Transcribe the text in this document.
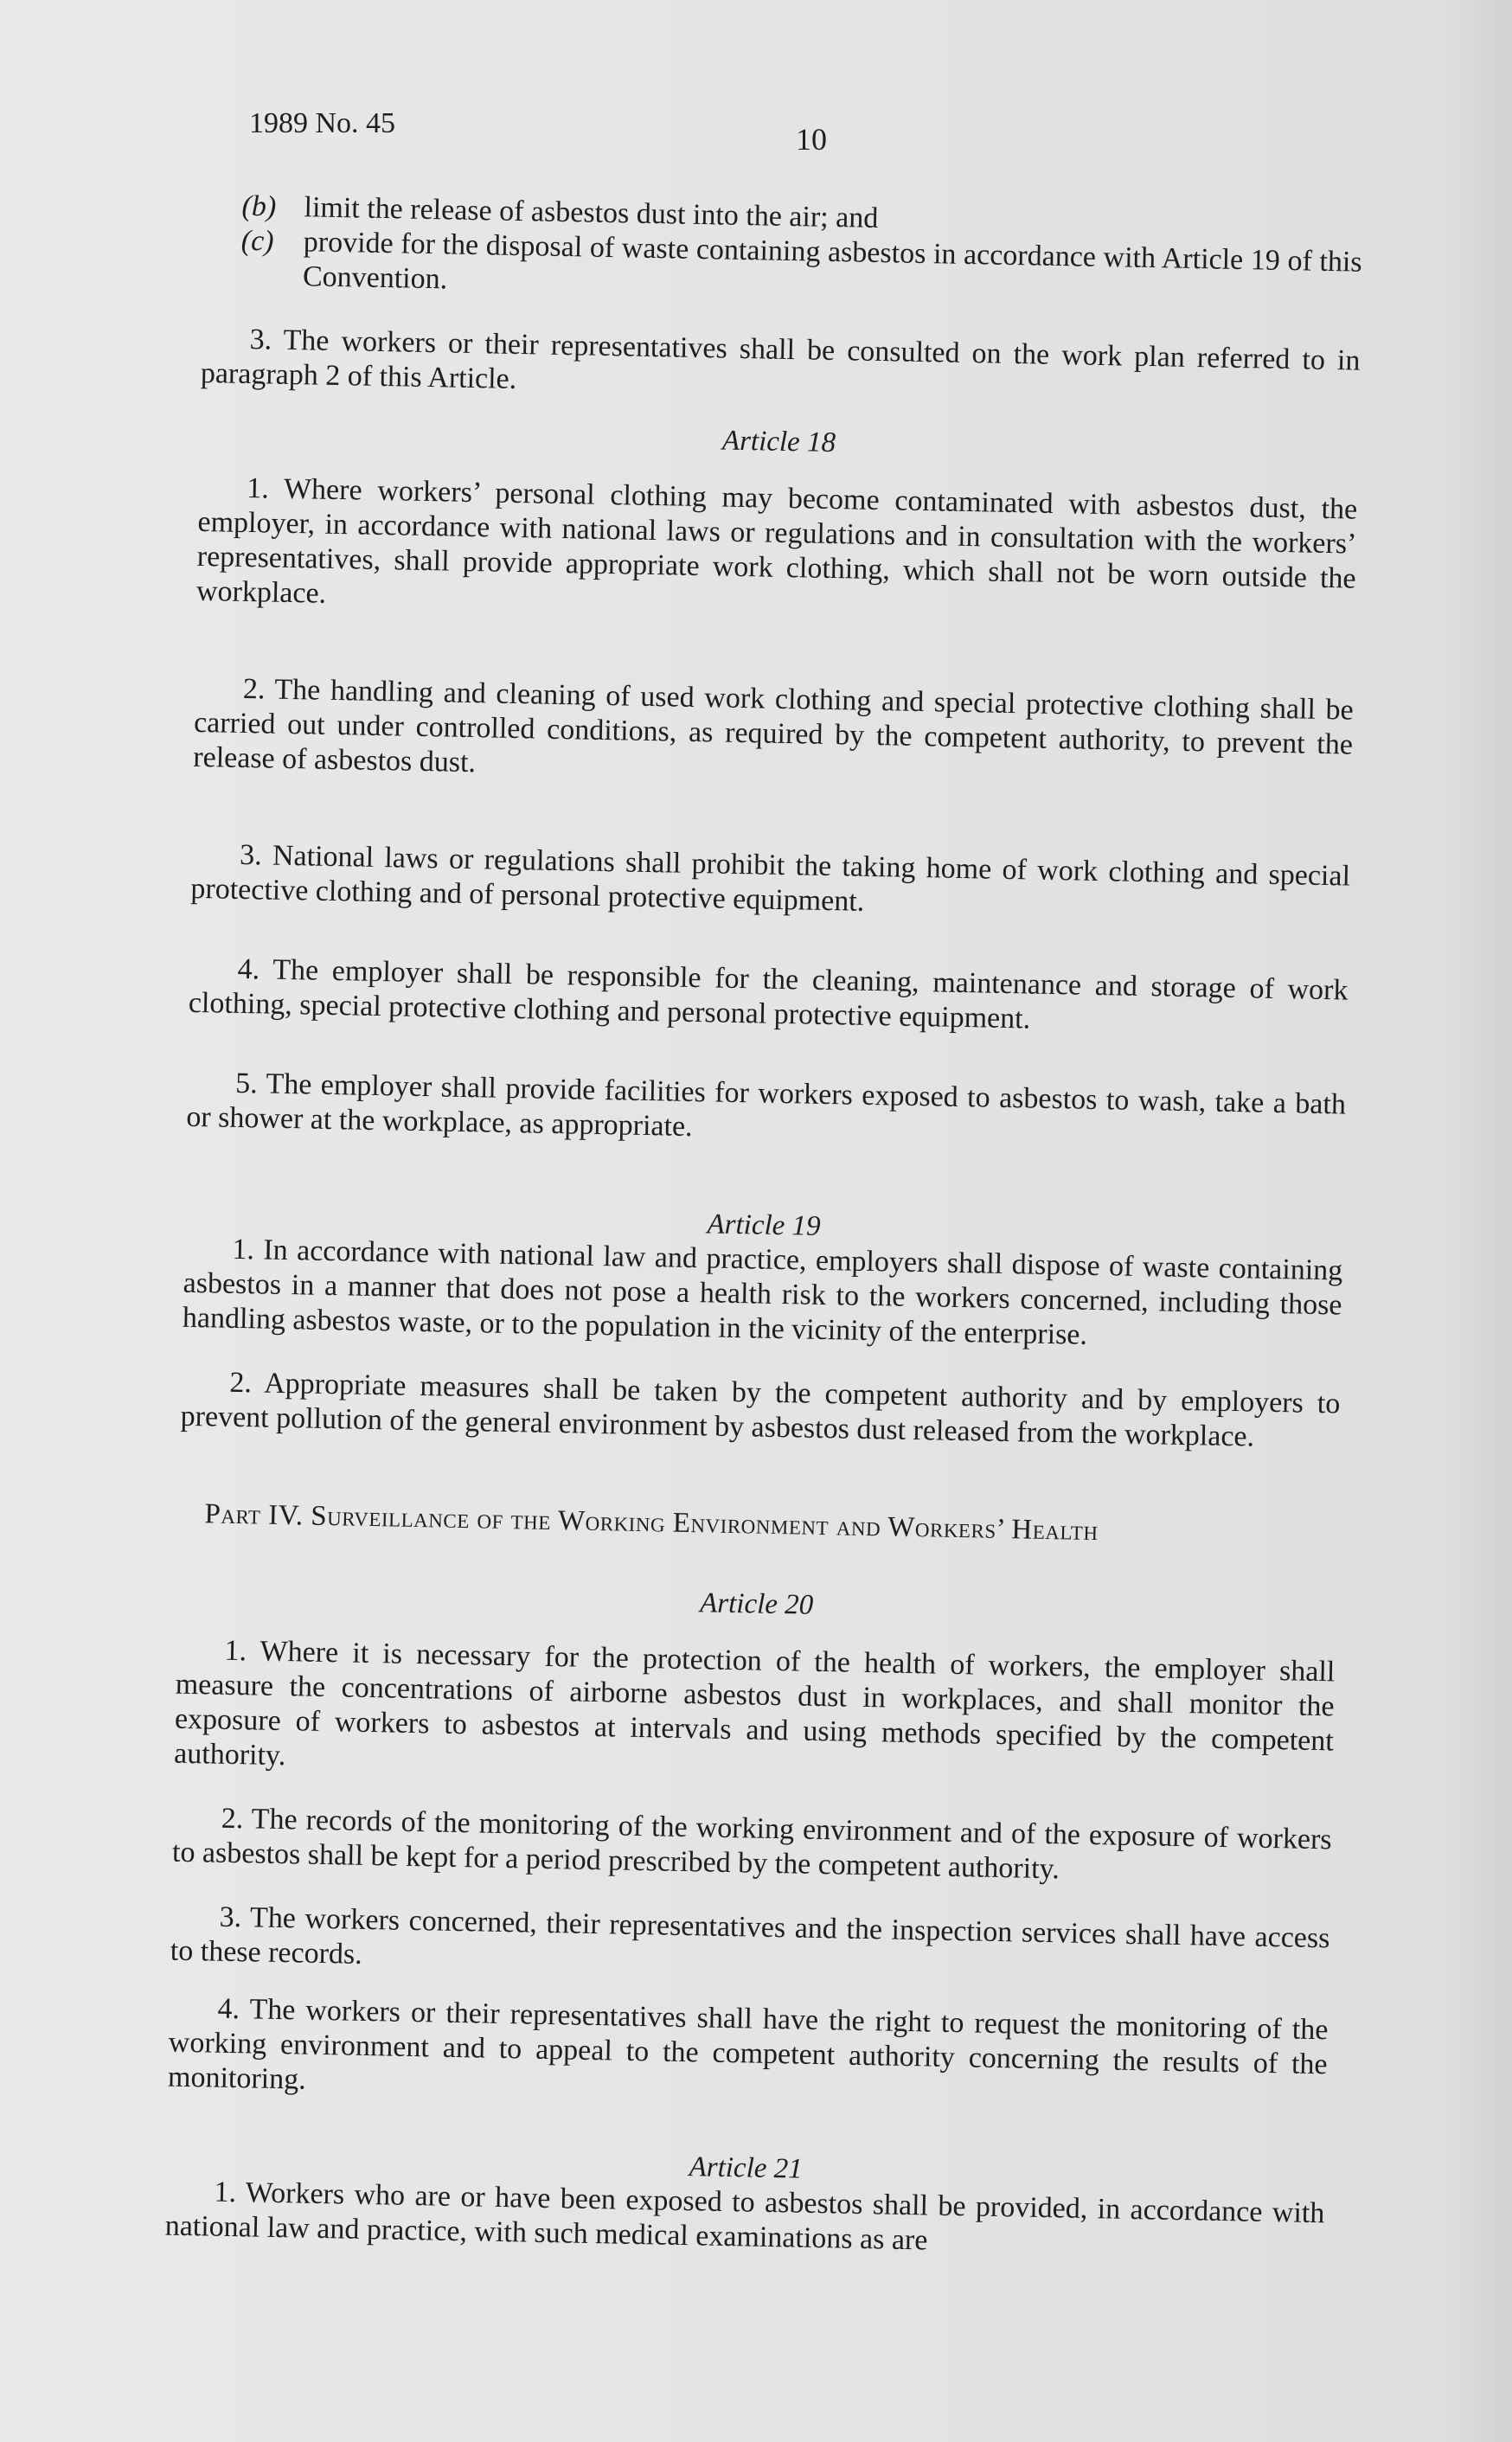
1989 No. 45	10
(b) limit the release of asbestos dust into the air; and
(c) provide for the disposal of waste containing asbestos in accordance with Article 19 of this Convention.

3. The workers or their representatives shall be consulted on the work plan referred to in paragraph 2 of this Article.

Article 18

1. Where workers’ personal clothing may become contaminated with asbestos dust, the employer, in accordance with national laws or regulations and in consultation with the workers’ representatives, shall provide appropriate work clothing, which shall not be worn outside the workplace.

2. The handling and cleaning of used work clothing and special protective clothing shall be carried out under controlled conditions, as required by the competent authority, to prevent the release of asbestos dust.

3. National laws or regulations shall prohibit the taking home of work clothing and special protective clothing and of personal protective equipment.

4. The employer shall be responsible for the cleaning, maintenance and storage of work clothing, special protective clothing and personal protective equipment.

5. The employer shall provide facilities for workers exposed to asbestos to wash, take a bath or shower at the workplace, as appropriate.

Article 19

1. In accordance with national law and practice, employers shall dispose of waste containing asbestos in a manner that does not pose a health risk to the workers concerned, including those handling asbestos waste, or to the population in the vicinity of the enterprise.

2. Appropriate measures shall be taken by the competent authority and by employers to prevent pollution of the general environment by asbestos dust released from the workplace.

Part IV. Surveillance of the Working Environment and Workers’ Health
Article 20

1. Where it is necessary for the protection of the health of workers, the employer shall measure the concentrations of airborne asbestos dust in workplaces, and shall monitor the exposure of workers to asbestos at intervals and using methods specified by the competent authority.

2. The records of the monitoring of the working environment and of the exposure of workers to asbestos shall be kept for a period prescribed by the competent authority.

3. The workers concerned, their representatives and the inspection services shall have access to these records.

4. The workers or their representatives shall have the right to request the monitoring of the working environment and to appeal to the competent authority concerning the results of the monitoring.

Article 21

1. Workers who are or have been exposed to asbestos shall be provided, in accordance with national law and practice, with such medical examinations as are
